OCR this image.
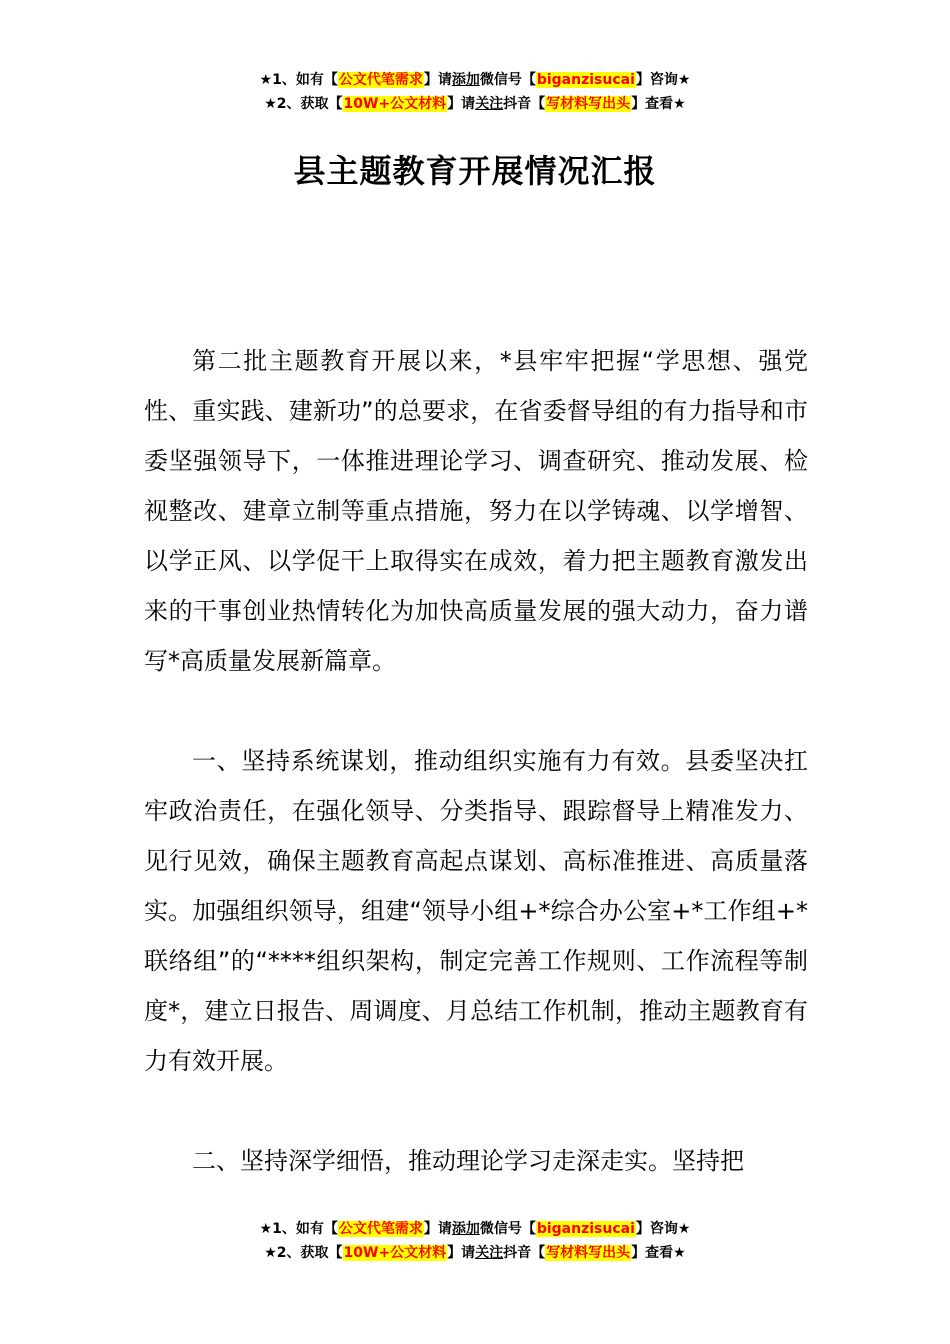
★1、如有【公文代笔需求】请添加微信号【biganzisucai】咨询★
★2、获取【10W+公文材料】请关注抖音【写材料写出头】查看★
县主题教育开展情况汇报

第二批主题教育开展以来，*县牢牢把握“学思想、强党性、重实践、建新功”的总要求，在省委督导组的有力指导和市委坚强领导下，一体推进理论学习、调查研究、推动发展、检视整改、建章立制等重点措施，努力在以学铸魂、以学增智、以学正风、以学促干上取得实在成效，着力把主题教育激发出来的干事创业热情转化为加快高质量发展的强大动力，奋力谱写*高质量发展新篇章。

一、坚持系统谋划，推动组织实施有力有效。县委坚决扛牢政治责任，在强化领导、分类指导、跟踪督导上精准发力、见行见效，确保主题教育高起点谋划、高标准推进、高质量落实。加强组织领导，组建“领导小组+*综合办公室+*工作组+*联络组”的“****组织架构，制定完善工作规则、工作流程等制度*，建立日报告、周调度、月总结工作机制，推动主题教育有力有效开展。

二、坚持深学细悟，推动理论学习走深走实。坚持把

★1、如有【公文代笔需求】请添加微信号【biganzisucai】咨询★
★2、获取【10W+公文材料】请关注抖音【写材料写出头】查看★
